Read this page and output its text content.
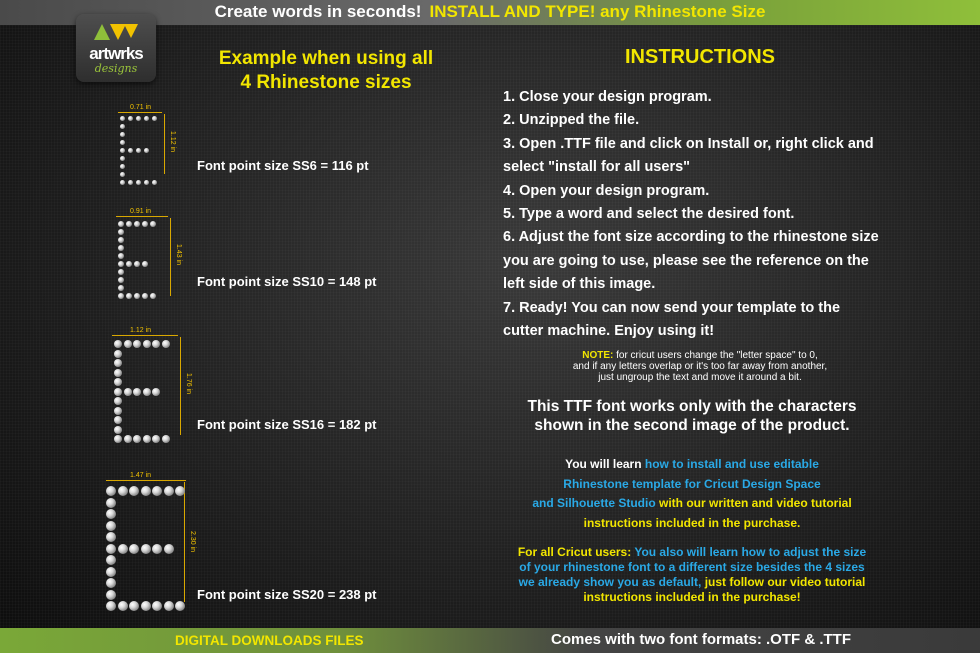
Create words in seconds! INSTALL AND TYPE! any Rhinestone Size
artwrks
designs	Example when using all
4 Rhinestone sizes
0.71 in
1.12 in
Font point size SS6 = 116 pt
0.91 in
1.43 in
Font point size SS10 = 148 pt
1.12 in
1.76 in
Font point size SS16 = 182 pt
1.47 in
2.30 in
Font point size SS20 = 238 pt
INSTRUCTIONS
1. Close your design program.
2. Unzipped the file.
3. Open .TTF file and click on Install or, right click and
select "install for all users"
4. Open your design program.
5. Type a word and select the desired font.
6. Adjust the font size according to the rhinestone size
you are going to use, please see the reference on the
left side of this image.
7. Ready! You can now send your template to the
cutter machine. Enjoy using it!
NOTE: for cricut users change the "letter space" to 0,
and if any letters overlap or it's too far away from another,
just ungroup the text and move it around a bit.
This TTF font works only with the characters
shown in the second image of the product.
You will learn how to install and use editable
Rhinestone template for Cricut Design Space
and Silhouette Studio with our written and video tutorial
instructions included in the purchase.
For all Cricut users: You also will learn how to adjust the size
of your rhinestone font to a different size besides the 4 sizes
we already show you as default, just follow our video tutorial
instructions included in the purchase!
DIGITAL DOWNLOADS FILES	Comes with two font formats: .OTF & .TTF
